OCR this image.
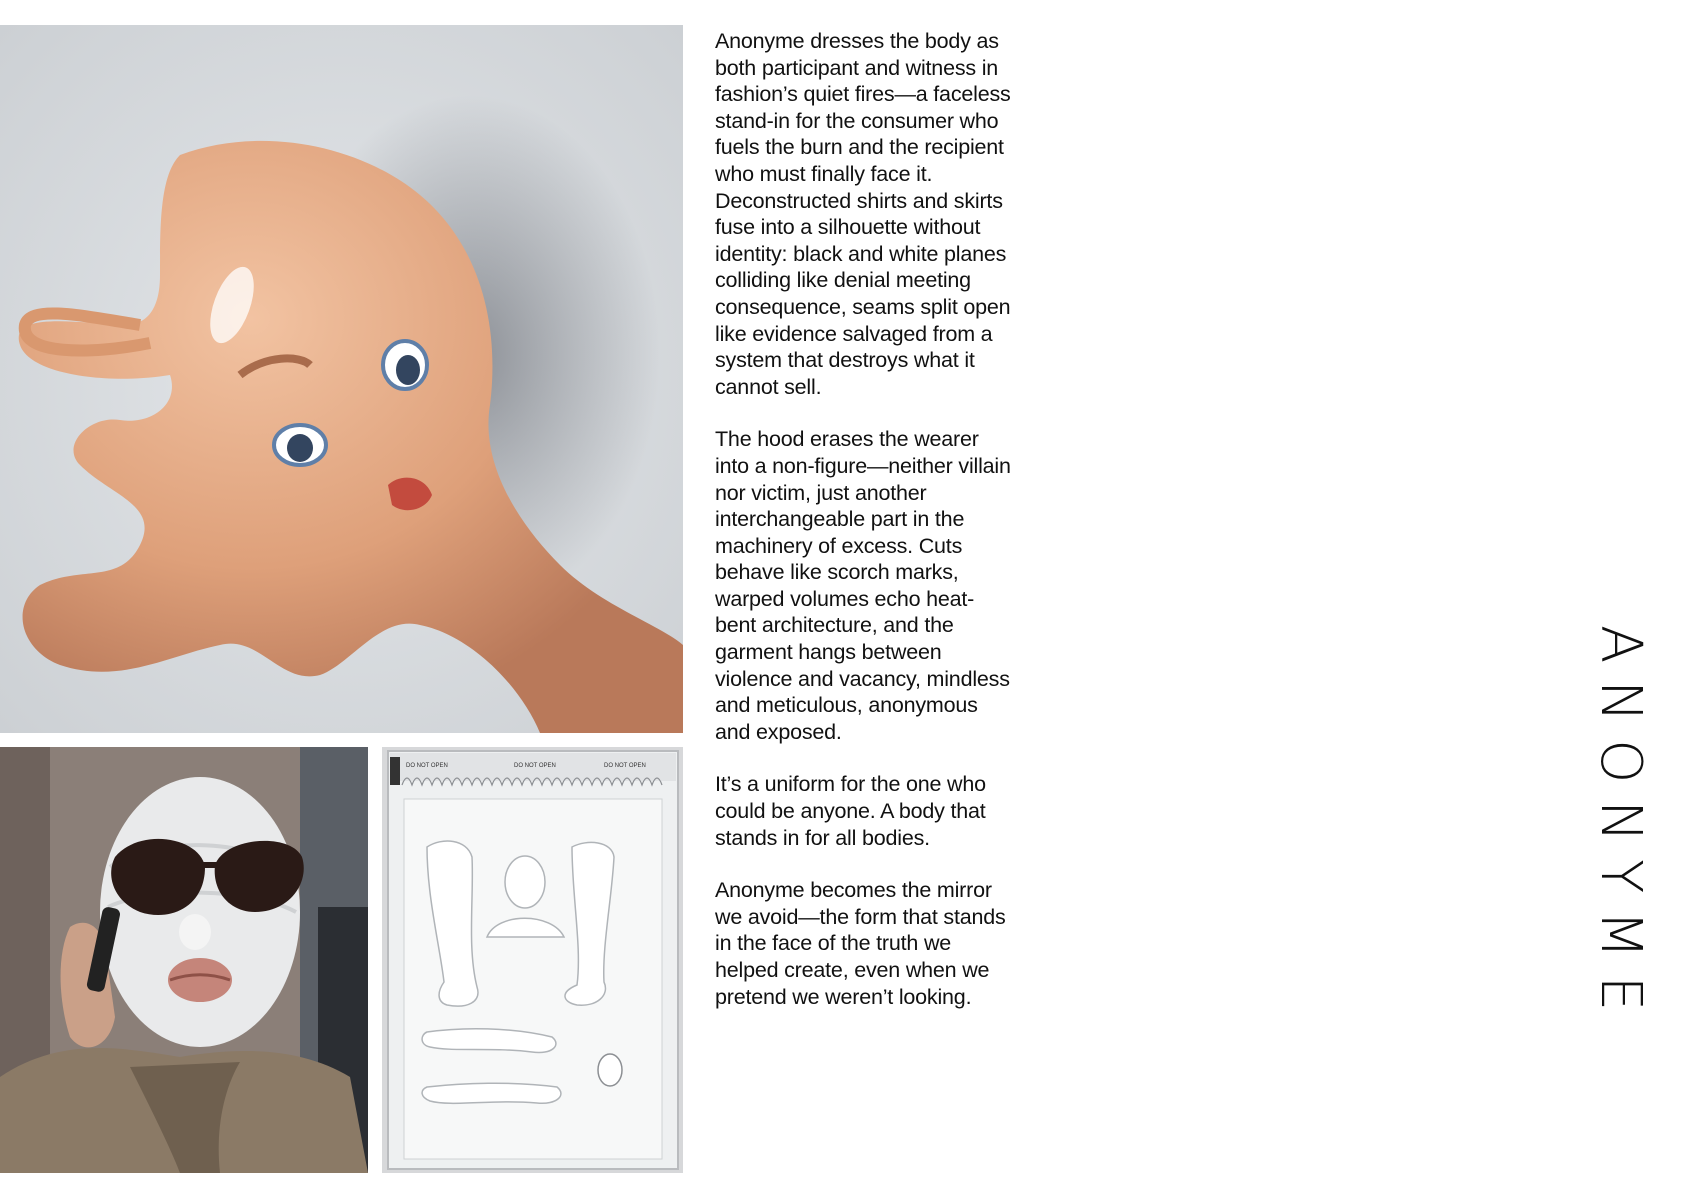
DO NOT OPEN	DO NOT OPEN	DO NOT OPEN

Anonyme dresses the body as both participant and witness in fashion’s quiet fires—a faceless stand-in for the consumer who fuels the burn and the recipient who must finally face it. Deconstructed shirts and skirts fuse into a silhouette without identity: black and white planes colliding like denial meeting consequence, seams split open like evidence salvaged from a system that destroys what it cannot sell.

The hood erases the wearer into a non-figure—neither villain nor victim, just another interchangeable part in the machinery of excess. Cuts behave like scorch marks, warped volumes echo heat-bent architecture, and the garment hangs between violence and vacancy, mindless and meticulous, anonymous and exposed.

It’s a uniform for the one who could be anyone. A body that stands in for all bodies.

Anonyme becomes the mirror we avoid—the form that stands in the face of the truth we helped create, even when we pretend we weren’t looking.	ANONYME
